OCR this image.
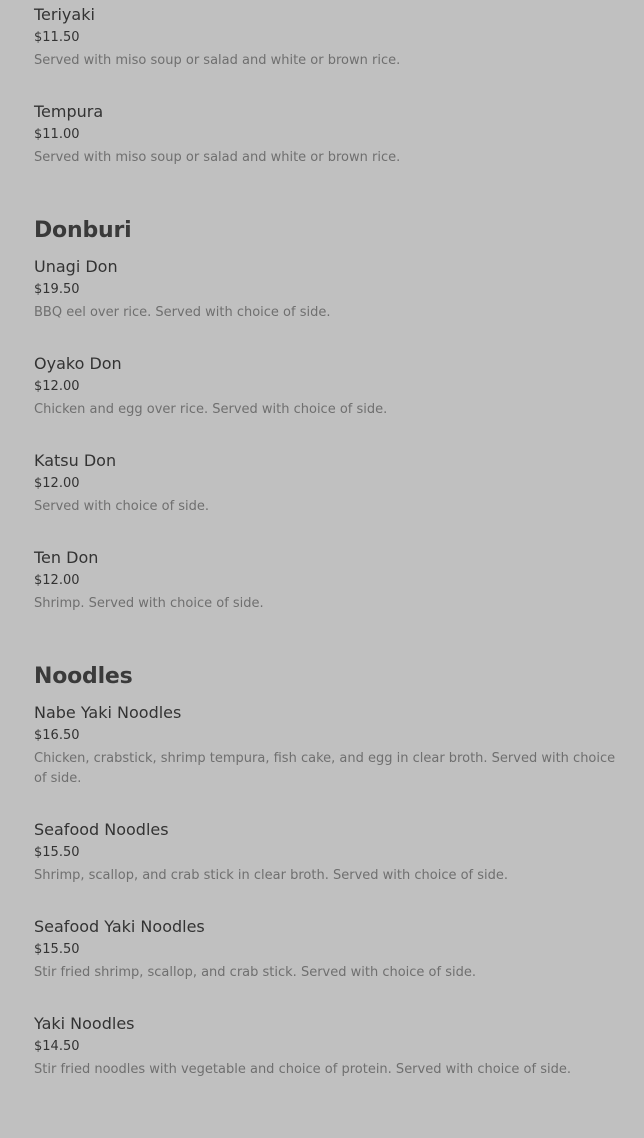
Teriyaki
$11.50
Served with miso soup or salad and white or brown rice.
Tempura
$11.00
Served with miso soup or salad and white or brown rice.
Donburi
Unagi Don
$19.50
BBQ eel over rice. Served with choice of side.
Oyako Don
$12.00
Chicken and egg over rice. Served with choice of side.
Katsu Don
$12.00
Served with choice of side.
Ten Don
$12.00
Shrimp. Served with choice of side.
Noodles
Nabe Yaki Noodles
$16.50
Chicken, crabstick, shrimp tempura, fish cake, and egg in clear broth. Served with choice of side.
Seafood Noodles
$15.50
Shrimp, scallop, and crab stick in clear broth. Served with choice of side.
Seafood Yaki Noodles
$15.50
Stir fried shrimp, scallop, and crab stick. Served with choice of side.
Yaki Noodles
$14.50
Stir fried noodles with vegetable and choice of protein. Served with choice of side.
